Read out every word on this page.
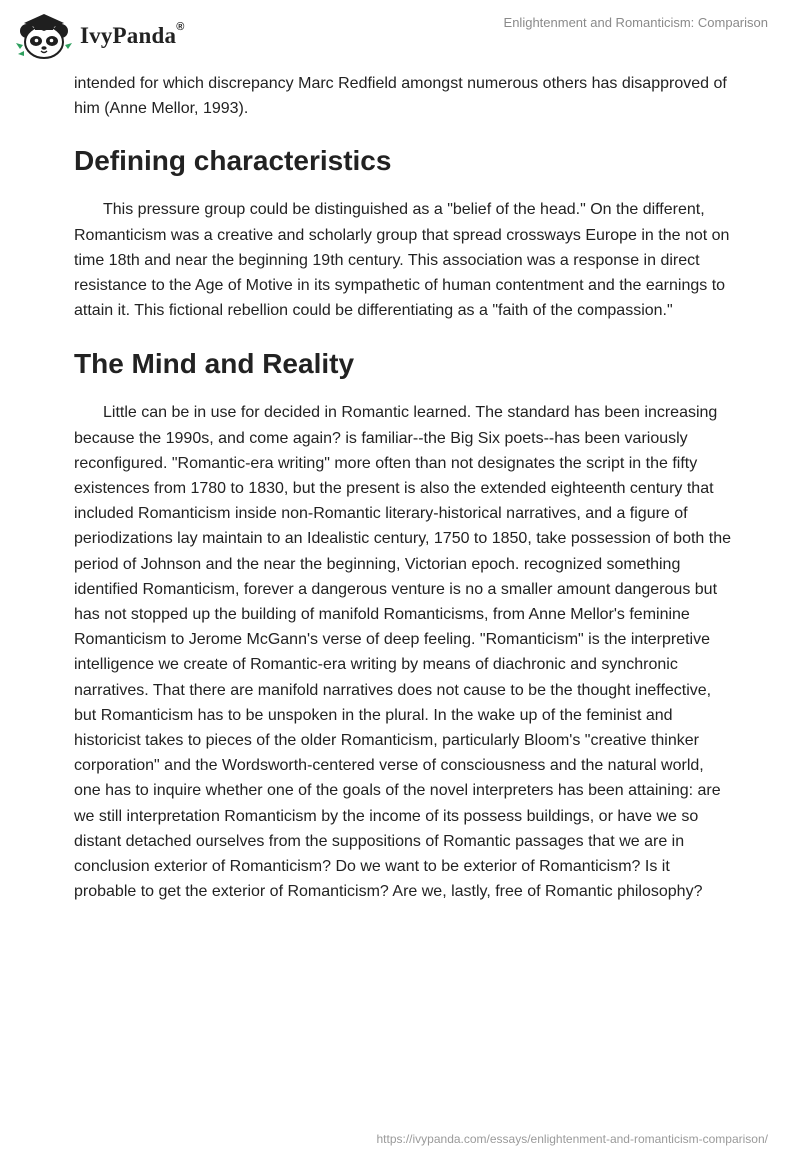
IvyPanda®	Enlightenment and Romanticism: Comparison

intended for which discrepancy Marc Redfield amongst numerous others has disapproved of him (Anne Mellor, 1993).

Defining characteristics

This pressure group could be distinguished as a "belief of the head." On the different, Romanticism was a creative and scholarly group that spread crossways Europe in the not on time 18th and near the beginning 19th century. This association was a response in direct resistance to the Age of Motive in its sympathetic of human contentment and the earnings to attain it. This fictional rebellion could be differentiating as a "faith of the compassion."

The Mind and Reality

Little can be in use for decided in Romantic learned. The standard has been increasing because the 1990s, and come again? is familiar--the Big Six poets--has been variously reconfigured. "Romantic-era writing" more often than not designates the script in the fifty existences from 1780 to 1830, but the present is also the extended eighteenth century that included Romanticism inside non-Romantic literary-historical narratives, and a figure of periodizations lay maintain to an Idealistic century, 1750 to 1850, take possession of both the period of Johnson and the near the beginning, Victorian epoch. recognized something identified Romanticism, forever a dangerous venture is no a smaller amount dangerous but has not stopped up the building of manifold Romanticisms, from Anne Mellor's feminine Romanticism to Jerome McGann's verse of deep feeling. "Romanticism" is the interpretive intelligence we create of Romantic-era writing by means of diachronic and synchronic narratives. That there are manifold narratives does not cause to be the thought ineffective, but Romanticism has to be unspoken in the plural. In the wake up of the feminist and historicist takes to pieces of the older Romanticism, particularly Bloom's "creative thinker corporation" and the Wordsworth-centered verse of consciousness and the natural world, one has to inquire whether one of the goals of the novel interpreters has been attaining: are we still interpretation Romanticism by the income of its possess buildings, or have we so distant detached ourselves from the suppositions of Romantic passages that we are in conclusion exterior of Romanticism? Do we want to be exterior of Romanticism? Is it probable to get the exterior of Romanticism? Are we, lastly, free of Romantic philosophy?

https://ivypanda.com/essays/enlightenment-and-romanticism-comparison/
